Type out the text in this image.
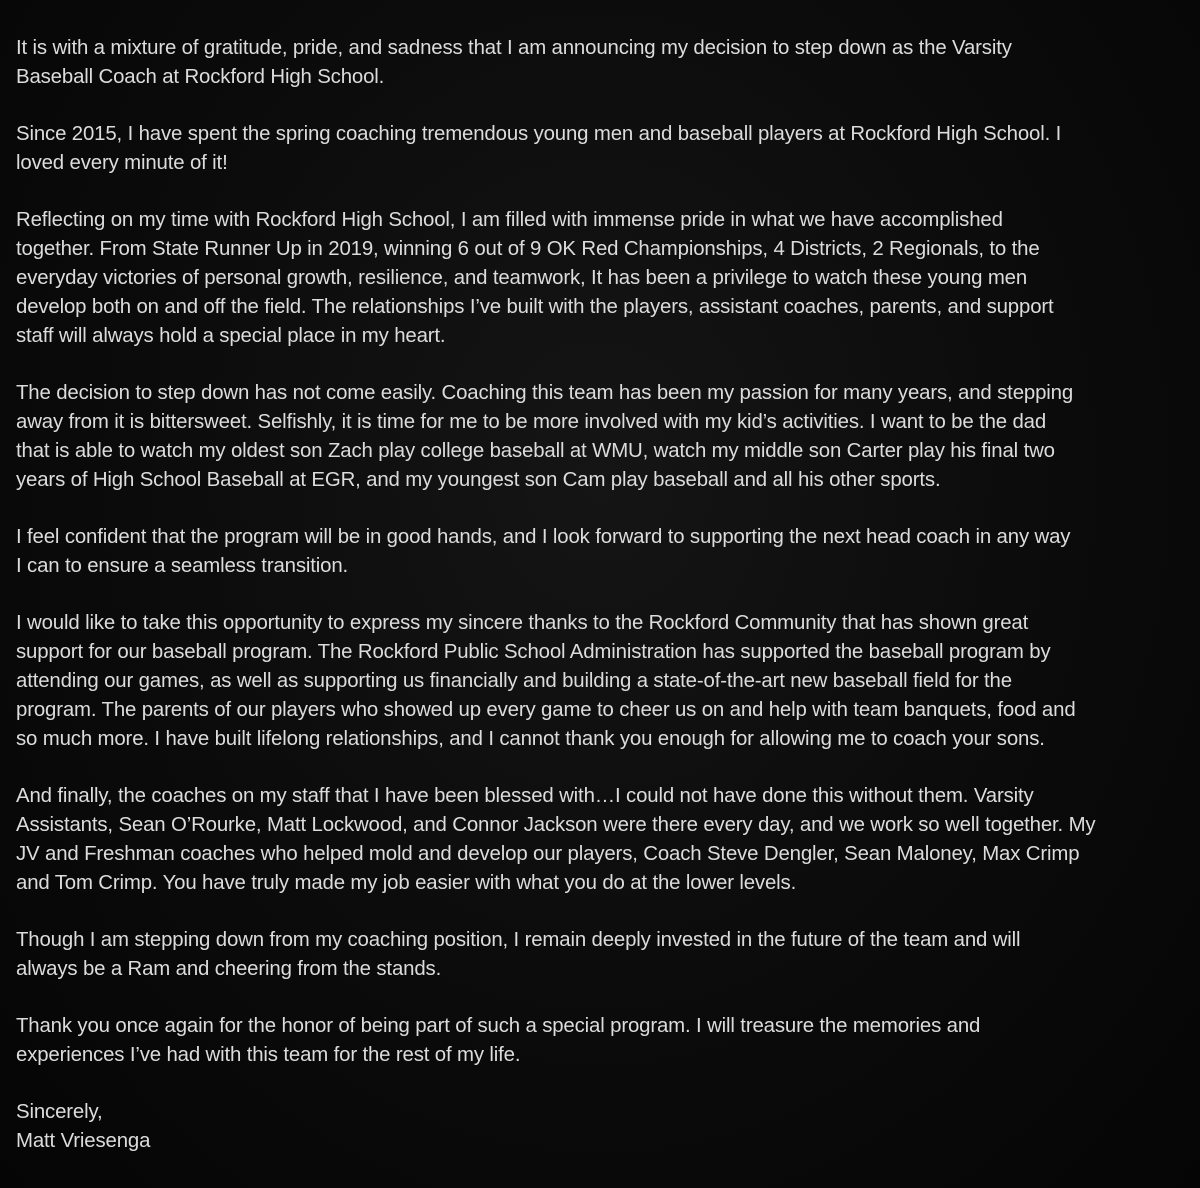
It is with a mixture of gratitude, pride, and sadness that I am announcing my decision to step down as the Varsity
Baseball Coach at Rockford High School.

Since 2015, I have spent the spring coaching tremendous young men and baseball players at Rockford High School. I
loved every minute of it!

Reflecting on my time with Rockford High School, I am filled with immense pride in what we have accomplished
together. From State Runner Up in 2019, winning 6 out of 9 OK Red Championships, 4 Districts, 2 Regionals, to the
everyday victories of personal growth, resilience, and teamwork, It has been a privilege to watch these young men
develop both on and off the field. The relationships I’ve built with the players, assistant coaches, parents, and support
staff will always hold a special place in my heart.

The decision to step down has not come easily. Coaching this team has been my passion for many years, and stepping
away from it is bittersweet. Selfishly, it is time for me to be more involved with my kid’s activities. I want to be the dad
that is able to watch my oldest son Zach play college baseball at WMU, watch my middle son Carter play his final two
years of High School Baseball at EGR, and my youngest son Cam play baseball and all his other sports.

I feel confident that the program will be in good hands, and I look forward to supporting the next head coach in any way
I can to ensure a seamless transition.

I would like to take this opportunity to express my sincere thanks to the Rockford Community that has shown great
support for our baseball program. The Rockford Public School Administration has supported the baseball program by
attending our games, as well as supporting us financially and building a state-of-the-art new baseball field for the
program. The parents of our players who showed up every game to cheer us on and help with team banquets, food and
so much more. I have built lifelong relationships, and I cannot thank you enough for allowing me to coach your sons.

And finally, the coaches on my staff that I have been blessed with…I could not have done this without them. Varsity
Assistants, Sean O’Rourke, Matt Lockwood, and Connor Jackson were there every day, and we work so well together. My
JV and Freshman coaches who helped mold and develop our players, Coach Steve Dengler, Sean Maloney, Max Crimp
and Tom Crimp. You have truly made my job easier with what you do at the lower levels.

Though I am stepping down from my coaching position, I remain deeply invested in the future of the team and will
always be a Ram and cheering from the stands.

Thank you once again for the honor of being part of such a special program. I will treasure the memories and
experiences I’ve had with this team for the rest of my life.

Sincerely,
Matt Vriesenga
